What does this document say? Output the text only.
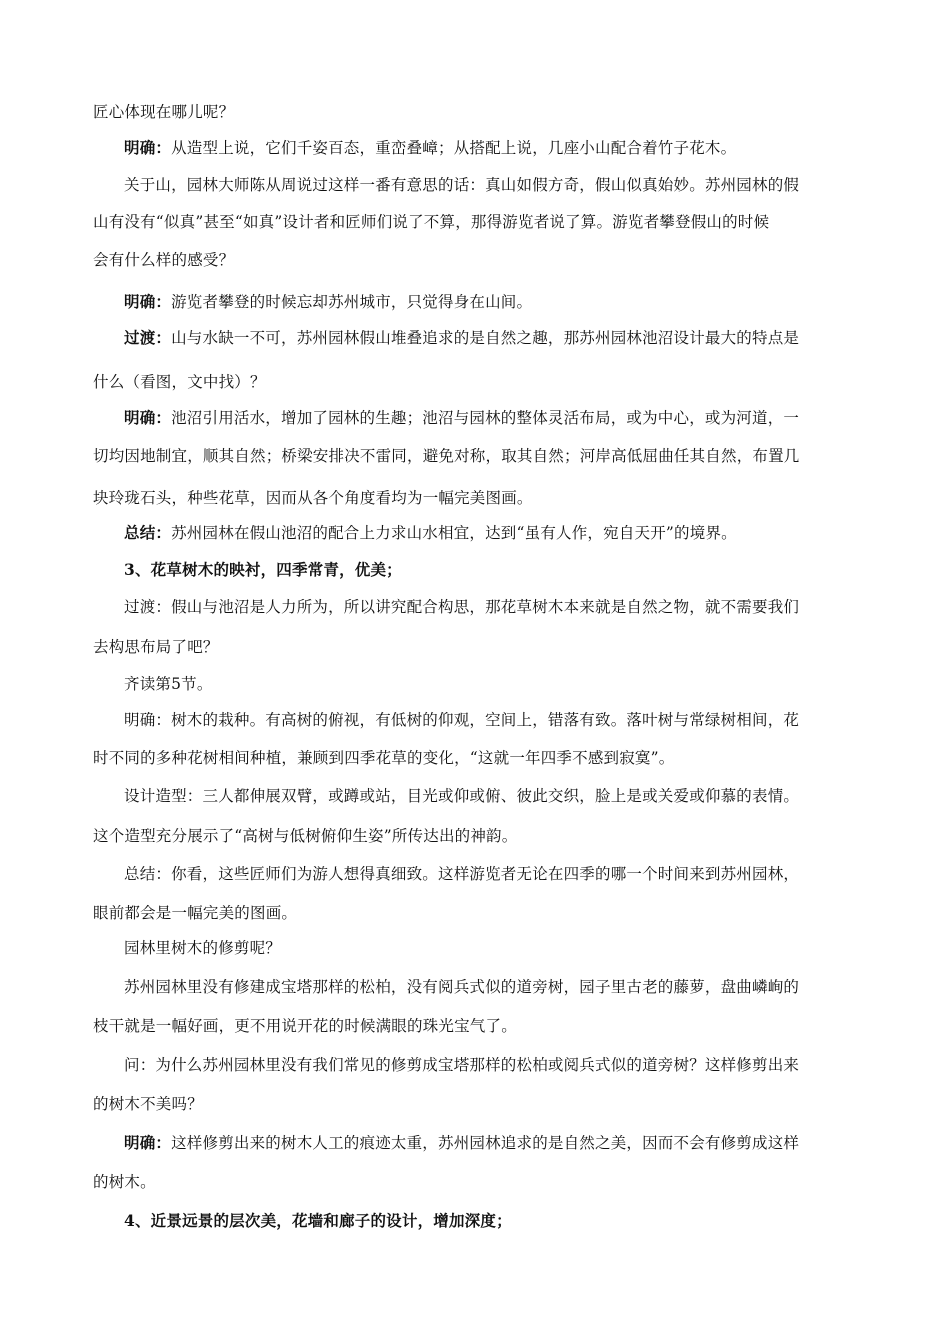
匠心体现在哪儿呢？
明确：从造型上说，它们千姿百态，重峦叠嶂；从搭配上说，几座小山配合着竹子花木。
关于山，园林大师陈从周说过这样一番有意思的话：真山如假方奇，假山似真始妙。苏州园林的假
山有没有“似真”甚至“如真”设计者和匠师们说了不算，那得游览者说了算。游览者攀登假山的时候
会有什么样的感受？
明确：游览者攀登的时候忘却苏州城市，只觉得身在山间。
过渡：山与水缺一不可，苏州园林假山堆叠追求的是自然之趣，那苏州园林池沼设计最大的特点是
什么（看图，文中找）？
明确：池沼引用活水，增加了园林的生趣；池沼与园林的整体灵活布局，或为中心，或为河道，一
切均因地制宜，顺其自然；桥梁安排决不雷同，避免对称，取其自然；河岸高低屈曲任其自然，布置几
块玲珑石头，种些花草，因而从各个角度看均为一幅完美图画。
总结：苏州园林在假山池沼的配合上力求山水相宜，达到“虽有人作，宛自天开”的境界。
3、花草树木的映衬，四季常青，优美；
过渡：假山与池沼是人力所为，所以讲究配合构思，那花草树木本来就是自然之物，就不需要我们
去构思布局了吧？
齐读第5节。
明确：树木的栽种。有高树的俯视，有低树的仰观，空间上，错落有致。落叶树与常绿树相间，花
时不同的多种花树相间种植，兼顾到四季花草的变化，“这就一年四季不感到寂寞”。
设计造型：三人都伸展双臂，或蹲或站，目光或仰或俯、彼此交织，脸上是或关爱或仰慕的表情。
这个造型充分展示了“高树与低树俯仰生姿”所传达出的神韵。
总结：你看，这些匠师们为游人想得真细致。这样游览者无论在四季的哪一个时间来到苏州园林，
眼前都会是一幅完美的图画。
园林里树木的修剪呢？
苏州园林里没有修建成宝塔那样的松柏，没有阅兵式似的道旁树，园子里古老的藤萝，盘曲嶙峋的
枝干就是一幅好画，更不用说开花的时候满眼的珠光宝气了。
问：为什么苏州园林里没有我们常见的修剪成宝塔那样的松柏或阅兵式似的道旁树？这样修剪出来
的树木不美吗？
明确：这样修剪出来的树木人工的痕迹太重，苏州园林追求的是自然之美，因而不会有修剪成这样
的树木。
4、近景远景的层次美，花墙和廊子的设计，增加深度；
